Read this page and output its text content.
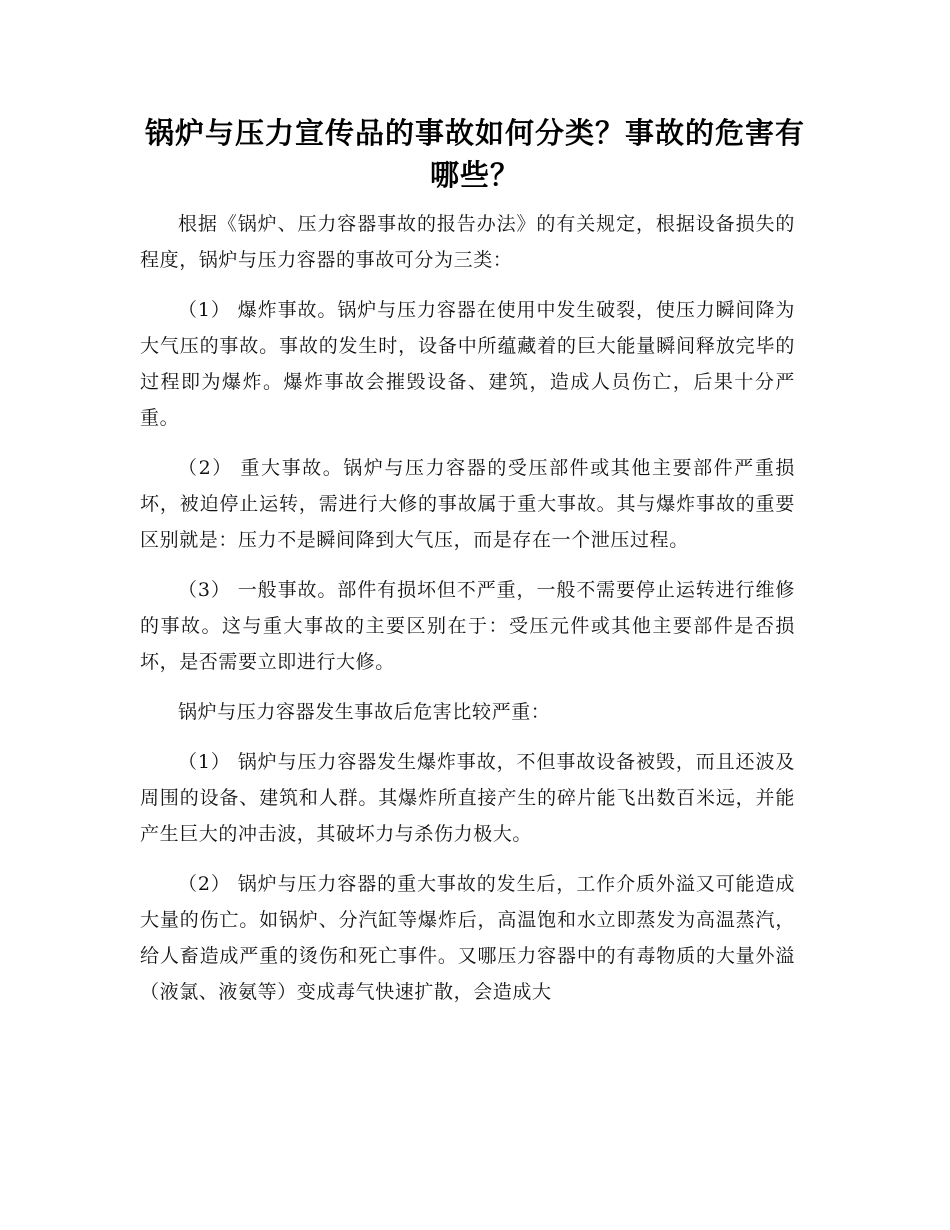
锅炉与压力宣传品的事故如何分类？事故的危害有哪些？

根据《锅炉、压力容器事故的报告办法》的有关规定，根据设备损失的程度，锅炉与压力容器的事故可分为三类：

（1） 爆炸事故。锅炉与压力容器在使用中发生破裂，使压力瞬间降为大气压的事故。事故的发生时，设备中所蕴藏着的巨大能量瞬间释放完毕的过程即为爆炸。爆炸事故会摧毁设备、建筑，造成人员伤亡，后果十分严重。

（2） 重大事故。锅炉与压力容器的受压部件或其他主要部件严重损坏，被迫停止运转，需进行大修的事故属于重大事故。其与爆炸事故的重要区别就是：压力不是瞬间降到大气压，而是存在一个泄压过程。

（3） 一般事故。部件有损坏但不严重，一般不需要停止运转进行维修的事故。这与重大事故的主要区别在于：受压元件或其他主要部件是否损坏，是否需要立即进行大修。

锅炉与压力容器发生事故后危害比较严重：

（1） 锅炉与压力容器发生爆炸事故，不但事故设备被毁，而且还波及周围的设备、建筑和人群。其爆炸所直接产生的碎片能飞出数百米远，并能产生巨大的冲击波，其破坏力与杀伤力极大。

（2） 锅炉与压力容器的重大事故的发生后，工作介质外溢又可能造成大量的伤亡。如锅炉、分汽缸等爆炸后，高温饱和水立即蒸发为高温蒸汽，给人畜造成严重的烫伤和死亡事件。又哪压力容器中的有毒物质的大量外溢（液氯、液氨等）变成毒气快速扩散，会造成大
